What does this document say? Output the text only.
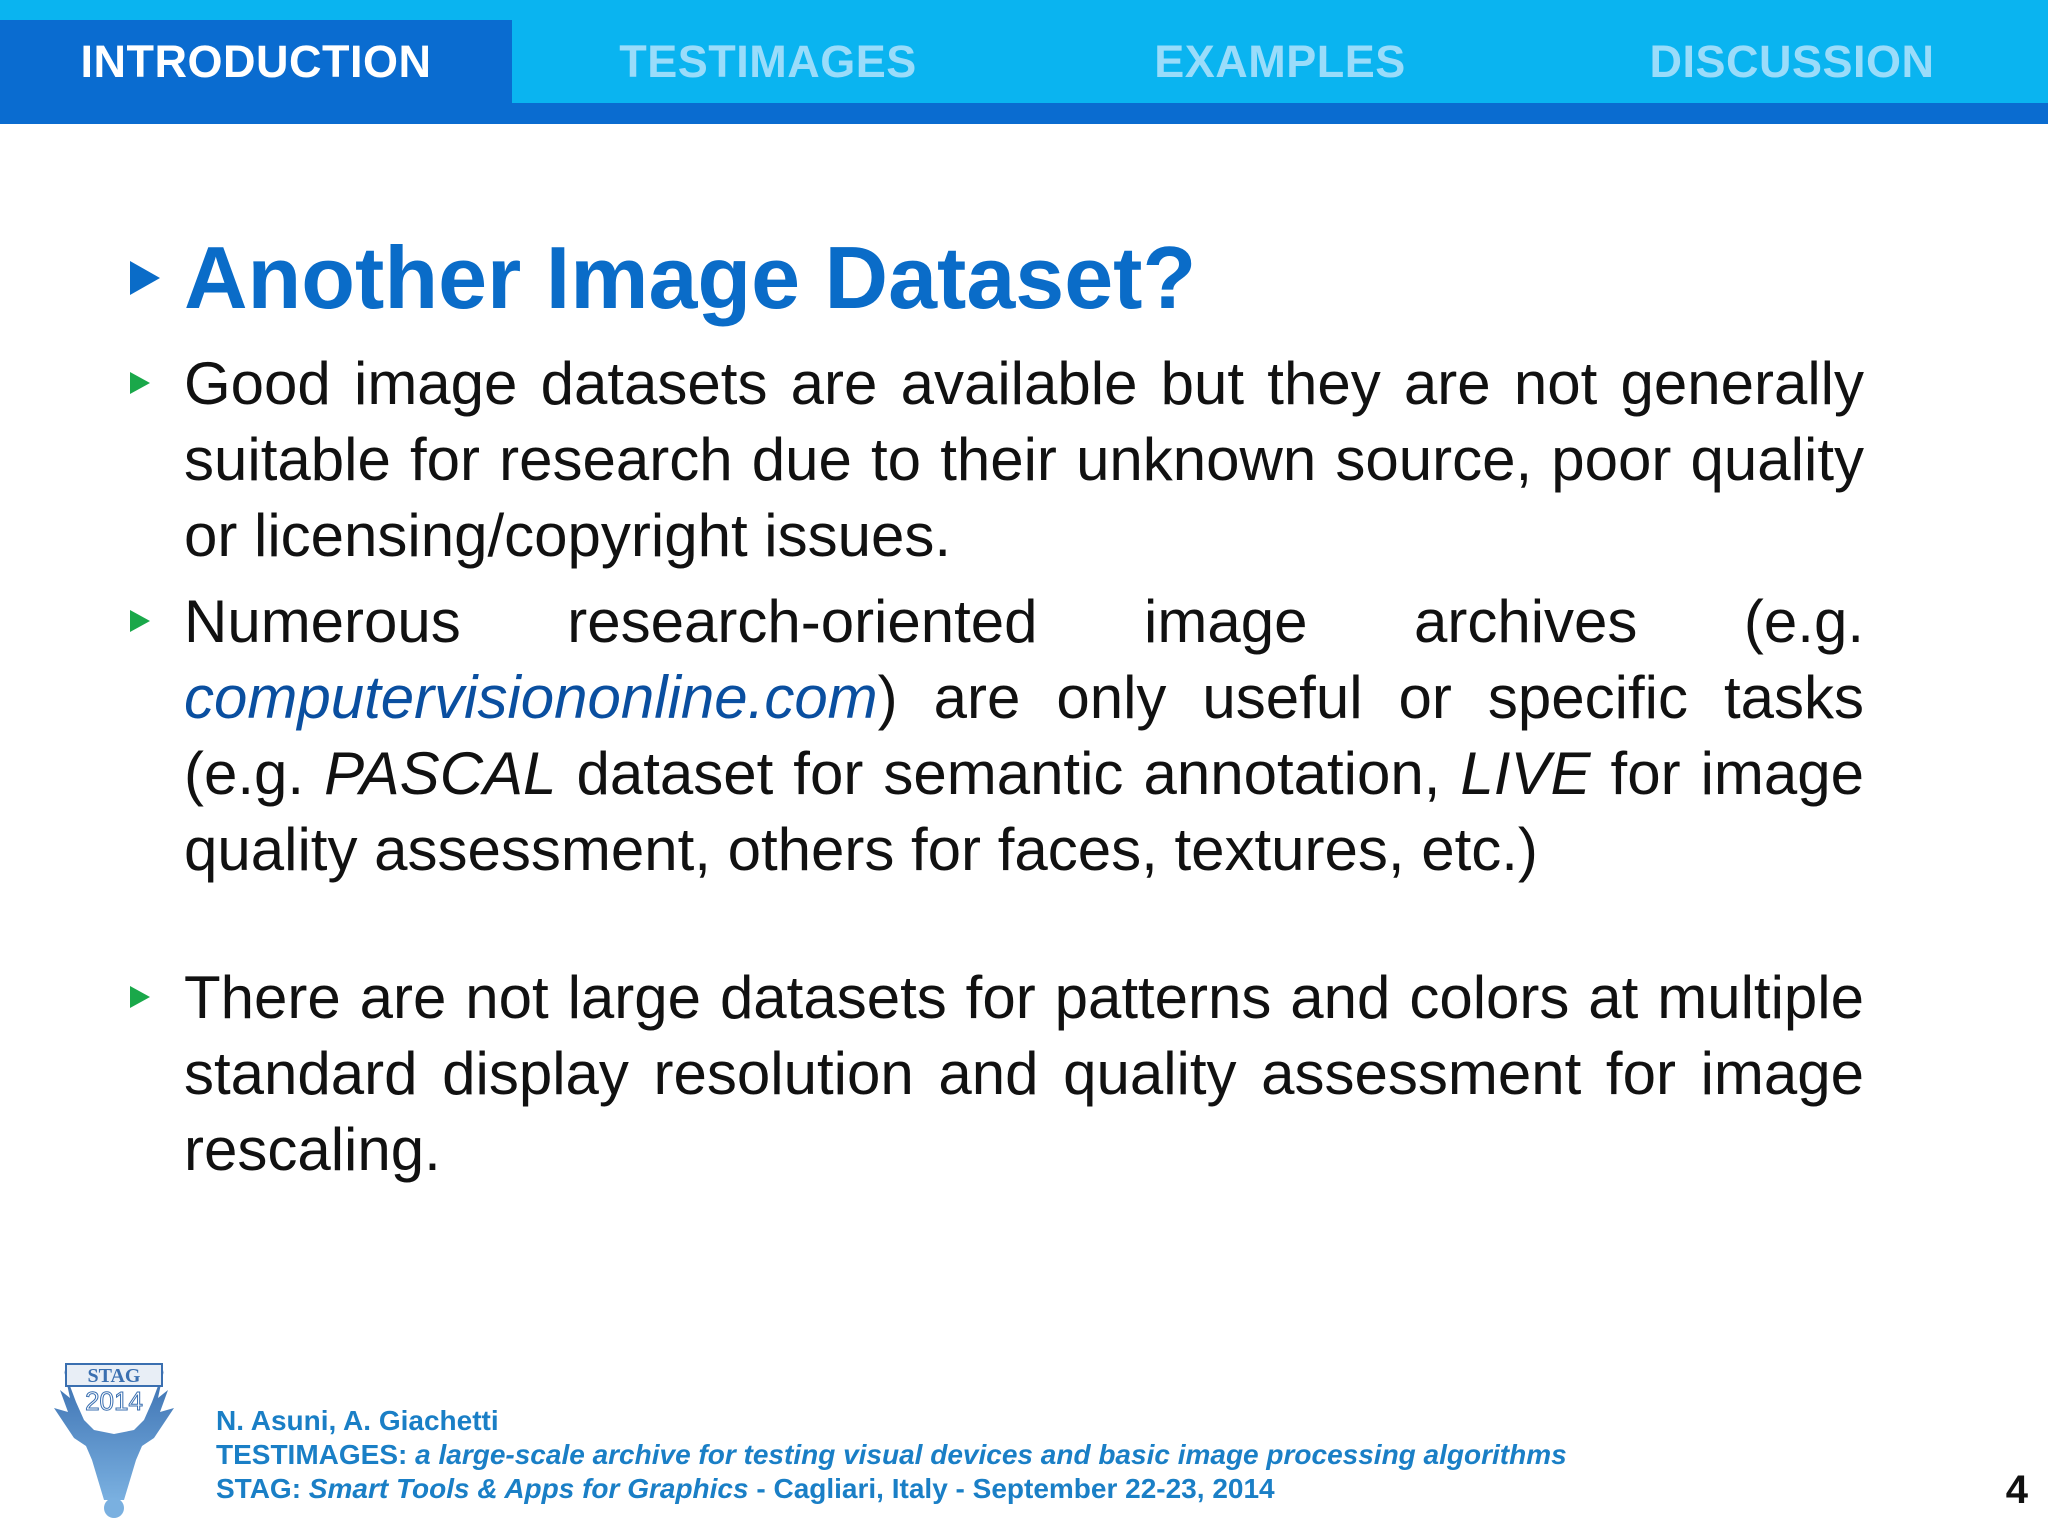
INTRODUCTION	TESTIMAGES	EXAMPLES	DISCUSSION
Another Image Dataset?

Good image datasets are available but they are not generally suitable for research due to their unknown source, poor quality or licensing/copyright issues.

Numerous research-oriented image archives (e.g. computervisiononline.com) are only useful or specific tasks (e.g. PASCAL dataset for semantic annotation, LIVE for image quality assessment, others for faces, textures, etc.)

There are not large datasets for patterns and colors at multiple standard display resolution and quality assessment for image rescaling.

STAG
2014
N. Asuni, A. Giachetti
TESTIMAGES: a large-scale archive for testing visual devices and basic image processing algorithms
STAG: Smart Tools & Apps for Graphics - Cagliari, Italy - September 22-23, 2014	4
